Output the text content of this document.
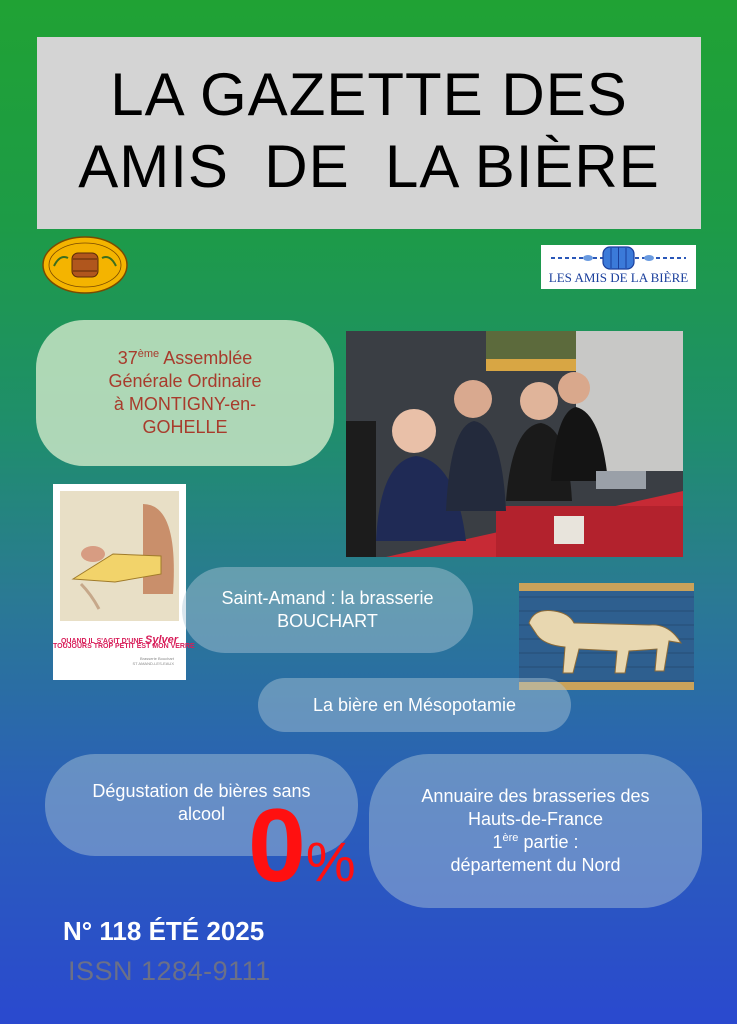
LA GAZETTE DES
AMIS  DE  LA BIÈRE
LES AMIS DE LA BIÈRE
37ème Assemblée
Générale Ordinaire
à MONTIGNY-en-
GOHELLE
QUAND IL S'AGIT D'UNE Sylver
TOUJOURS TROP PETIT EST MON VERRE
Brasserie Bouchart
ST AMAND-LES-EAUX
Saint-Amand : la brasserie
BOUCHART
La bière en Mésopotamie
Dégustation de bières sans
alcool 0%
Annuaire des brasseries des
Hauts-de-France
1ère partie :
département du Nord
N° 118 ÉTÉ 2025
ISSN 1284-9111
